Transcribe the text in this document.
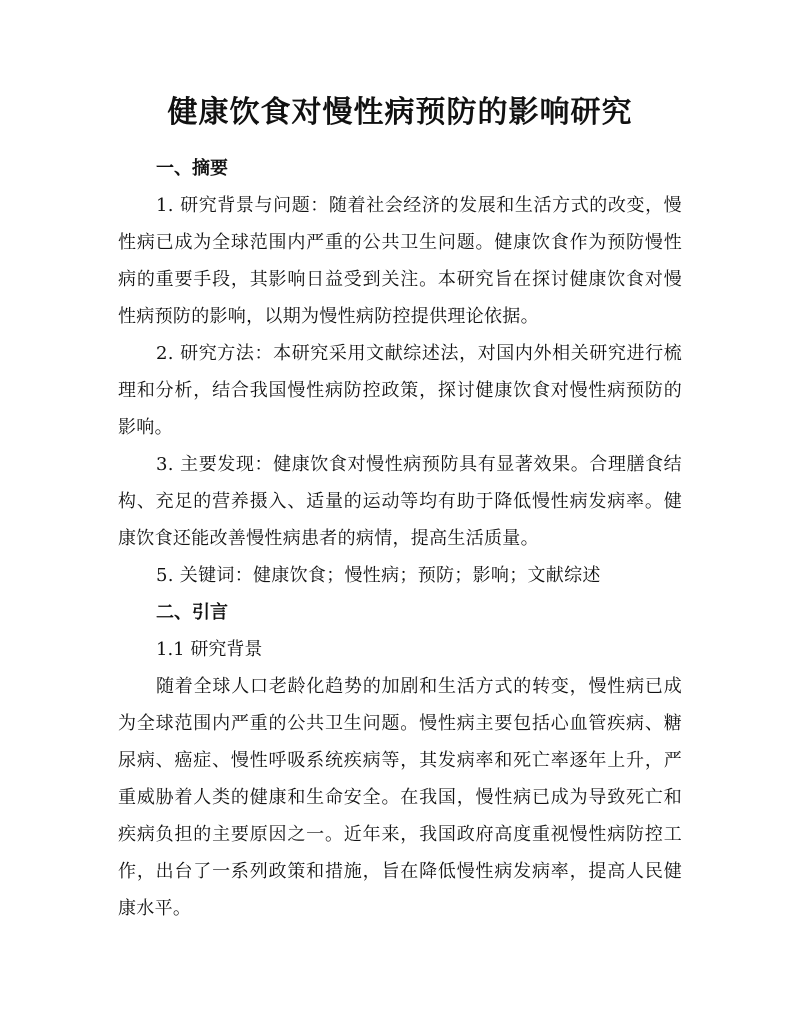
健康饮食对慢性病预防的影响研究

一、摘要

1. 研究背景与问题：随着社会经济的发展和生活方式的改变，慢性病已成为全球范围内严重的公共卫生问题。健康饮食作为预防慢性病的重要手段，其影响日益受到关注。本研究旨在探讨健康饮食对慢性病预防的影响，以期为慢性病防控提供理论依据。

2. 研究方法：本研究采用文献综述法，对国内外相关研究进行梳理和分析，结合我国慢性病防控政策，探讨健康饮食对慢性病预防的影响。

3. 主要发现：健康饮食对慢性病预防具有显著效果。合理膳食结构、充足的营养摄入、适量的运动等均有助于降低慢性病发病率。健康饮食还能改善慢性病患者的病情，提高生活质量。

5. 关键词：健康饮食；慢性病；预防；影响；文献综述

二、引言

1.1 研究背景

随着全球人口老龄化趋势的加剧和生活方式的转变，慢性病已成为全球范围内严重的公共卫生问题。慢性病主要包括心血管疾病、糖尿病、癌症、慢性呼吸系统疾病等，其发病率和死亡率逐年上升，严重威胁着人类的健康和生命安全。在我国，慢性病已成为导致死亡和疾病负担的主要原因之一。近年来，我国政府高度重视慢性病防控工作，出台了一系列政策和措施，旨在降低慢性病发病率，提高人民健康水平。
